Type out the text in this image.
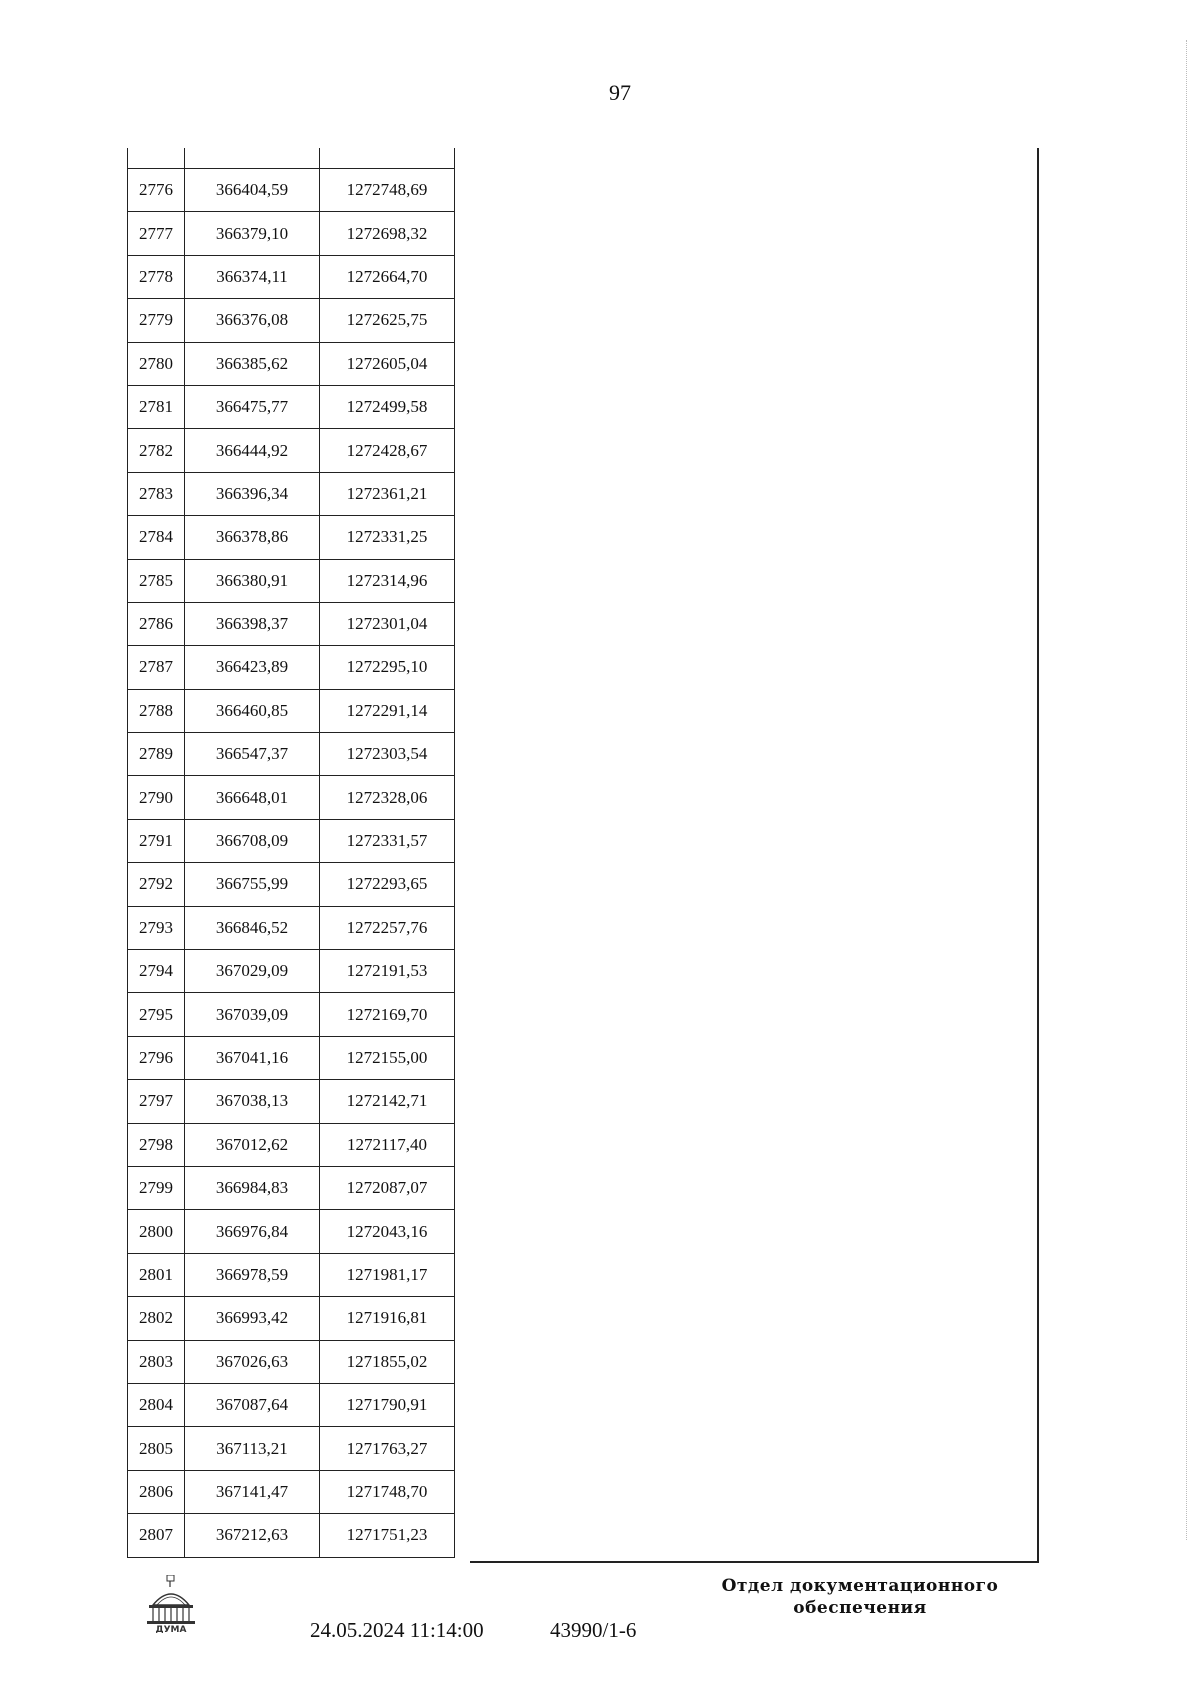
97

2776	366404,59	1272748,69
2777	366379,10	1272698,32
2778	366374,11	1272664,70
2779	366376,08	1272625,75
2780	366385,62	1272605,04
2781	366475,77	1272499,58
2782	366444,92	1272428,67
2783	366396,34	1272361,21
2784	366378,86	1272331,25
2785	366380,91	1272314,96
2786	366398,37	1272301,04
2787	366423,89	1272295,10
2788	366460,85	1272291,14
2789	366547,37	1272303,54
2790	366648,01	1272328,06
2791	366708,09	1272331,57
2792	366755,99	1272293,65
2793	366846,52	1272257,76
2794	367029,09	1272191,53
2795	367039,09	1272169,70
2796	367041,16	1272155,00
2797	367038,13	1272142,71
2798	367012,62	1272117,40
2799	366984,83	1272087,07
2800	366976,84	1272043,16
2801	366978,59	1271981,17
2802	366993,42	1271916,81
2803	367026,63	1271855,02
2804	367087,64	1271790,91
2805	367113,21	1271763,27
2806	367141,47	1271748,70
2807	367212,63	1271751,23
ДУМА	24.05.2024 11:14:00	43990/1-6
Отдел документационного
обеспечения
